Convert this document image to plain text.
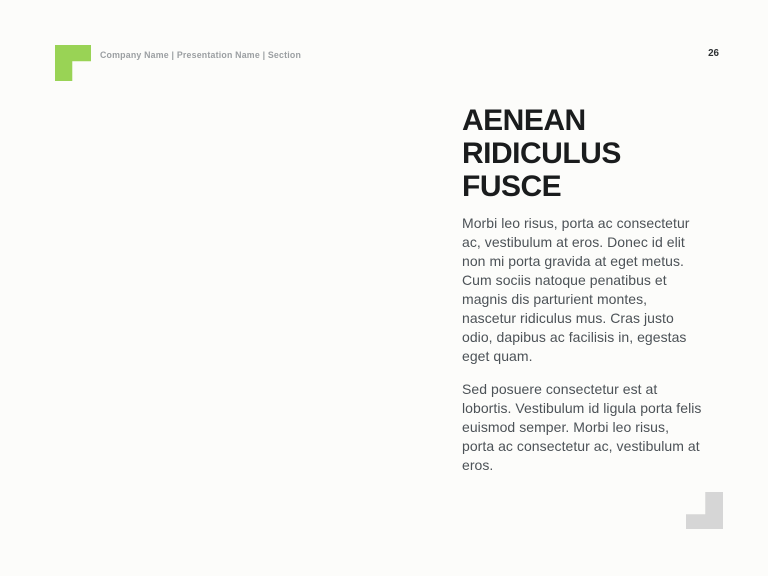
Company Name | Presentation Name | Section	26
AENEAN
RIDICULUS
FUSCE

Morbi leo risus, porta ac consectetur ac, vestibulum at eros. Donec id elit non mi porta gravida at eget metus. Cum sociis natoque penatibus et magnis dis parturient montes, nascetur ridiculus mus. Cras justo odio, dapibus ac facilisis in, egestas eget quam.

Sed posuere consectetur est at lobortis. Vestibulum id ligula porta felis euismod semper. Morbi leo risus, porta ac consectetur ac, vestibulum at eros.
